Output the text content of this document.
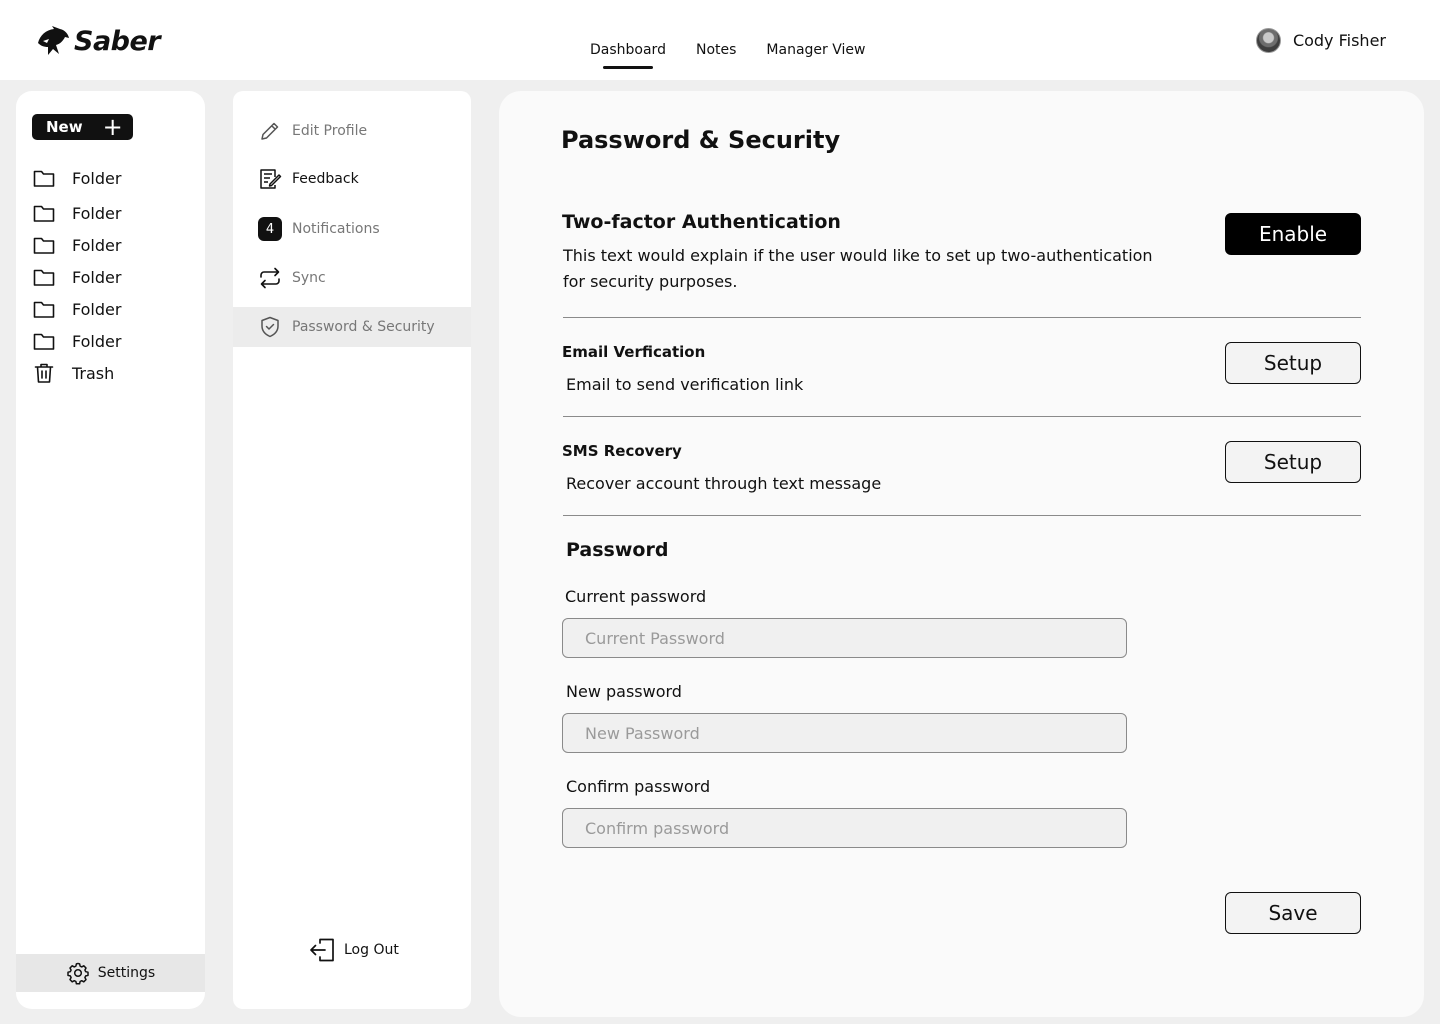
Saber	Dashboard Notes Manager View	Cody Fisher
New +
Folder
Folder
Folder
Folder
Folder
Folder
Trash
Settings
Edit Profile
Feedback
4	Notifications
Sync
Password & Security
Log Out
Password & Security
Two-factor Authentication
This text would explain if the user would like to set up two-authentication
for security purposes.
Enable
Email Verfication
Email to send verification link
Setup
SMS Recovery
Recover account through text message
Setup
Password
Current password
New password
Confirm password
Save
